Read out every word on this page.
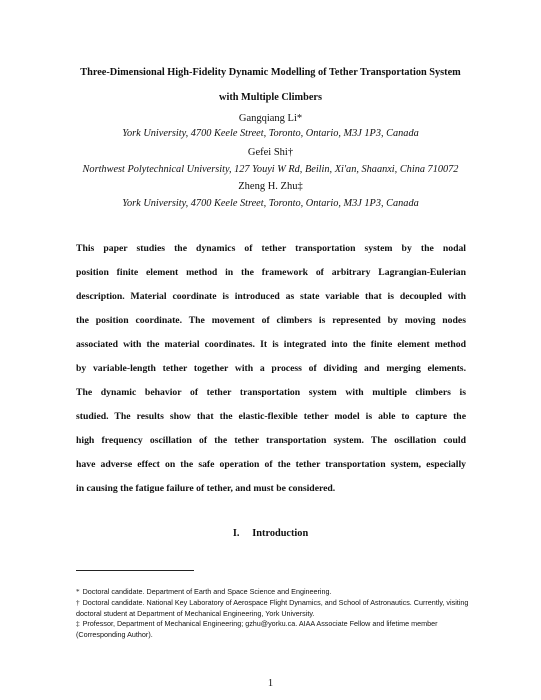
Three-Dimensional High-Fidelity Dynamic Modelling of Tether Transportation System
with Multiple Climbers
Gangqiang Li*
York University, 4700 Keele Street, Toronto, Ontario, M3J 1P3, Canada
Gefei Shi†
Northwest Polytechnical University, 127 Youyi W Rd, Beilin, Xi'an, Shaanxi, China 710072
Zheng H. Zhu‡
York University, 4700 Keele Street, Toronto, Ontario, M3J 1P3, Canada
This paper studies the dynamics of tether transportation system by the nodal
position finite element method in the framework of arbitrary Lagrangian-Eulerian
description. Material coordinate is introduced as state variable that is decoupled with
the position coordinate. The movement of climbers is represented by moving nodes
associated with the material coordinates. It is integrated into the finite element method
by variable-length tether together with a process of dividing and merging elements.
The dynamic behavior of tether transportation system with multiple climbers is
studied. The results show that the elastic-flexible tether model is able to capture the
high frequency oscillation of the tether transportation system. The oscillation could
have adverse effect on the safe operation of the tether transportation system, especially
in causing the fatigue failure of tether, and must be considered.
I.     Introduction
* Doctoral candidate. Department of Earth and Space Science and Engineering.
† Doctoral candidate. National Key Laboratory of Aerospace Flight Dynamics, and School of Astronautics. Currently, visiting doctoral student at Department of Mechanical Engineering, York University.
‡ Professor, Department of Mechanical Engineering; gzhu@yorku.ca. AIAA Associate Fellow and lifetime member (Corresponding Author).
1
